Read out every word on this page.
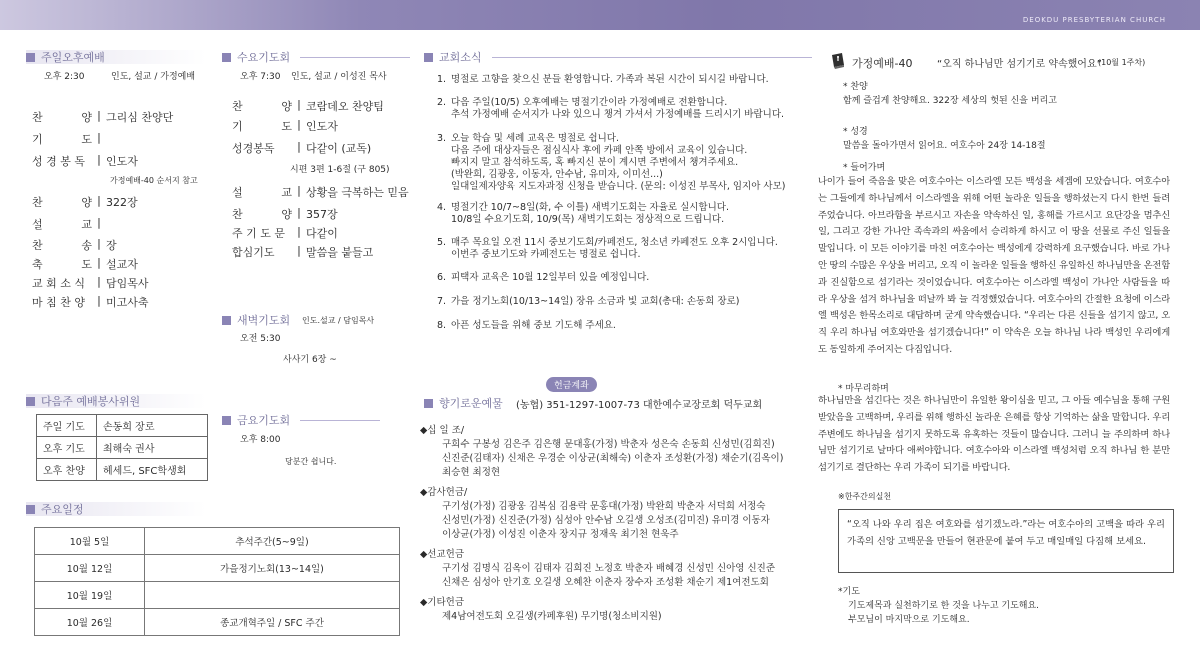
DEOKDU PRESBYTERIAN CHURCH
주일오후예배
오후 2:30	인도, 설교 / 가정예배
찬	양 | 그리심 찬양단
기	도 |
성 경 봉 독	| 인도자
찬	양 | 322장
설	교 |
찬	송 | 장
축	도 | 설교자
교 회 소 식	| 담임목사
마 침 찬 양	| 미고사축
가정예배-40 순서지 참고
다음주 예배봉사위원
주일 기도	손동희 장로
오후 기도	최해숙 권사
오후 찬양	헤세드, SFC학생회
주요일정
10월 5일	추석주간(5~9일)
10월 12일	가을정기노회(13~14일)
10월 19일	
10월 26일	종교개혁주일 / SFC 주간
수요기도회
오후 7:30 인도, 설교 / 이성진 목사
찬	양 | 코람데오 찬양팀
기	도 | 인도자
성경봉독	| 다같이 (교독)
설	교 | 상황을 극복하는 믿음
찬	양 | 357장
주 기 도 문	| 다같이
합심기도	| 말씀을 붙들고
시편 3편 1-6절 (구 805)
새벽기도회 인도.설교 / 담임목사
오전 5:30
사사기 6장 ~
금요기도회
오후 8:00
당분간 쉽니다.
교회소식
1. 명절로 고향을 찾으신 분들 환영합니다. 가족과 복된 시간이 되시길 바랍니다.
2. 다음 주일(10/5) 오후예배는 명절기간이라 가정예배로 전환합니다.
추석 가정예배 순서지가 나와 있으니 챙겨 가셔서 가정예배를 드리시기 바랍니다.
3. 오늘 학습 및 세례 교육은 명절로 쉽니다.
다음 주에 대상자들은 점심식사 후에 카페 안쪽 방에서 교육이 있습니다.
빠지지 말고 참석하도록, 혹 빠지신 분이 계시면 주변에서 챙겨주세요.
(박완희, 김광웅, 이동자, 안수남, 유미자, 이미선...)
일대일제자양육 지도자과정 신청을 받습니다. (문의: 이성진 부목사, 임지아 사모)
4. 명절기간 10/7~8일(화, 수 이틀) 새벽기도회는 자율로 실시합니다.
10/8일 수요기도회, 10/9(목) 새벽기도회는 정상적으로 드립니다.
5. 매주 목요일 오전 11시 중보기도회/카페전도, 청소년 카페전도 오후 2시입니다.
이번주 중보기도와 카페전도는 명절로 쉽니다.
6. 피택자 교육은 10월 12일부터 있을 예정입니다.
7. 가을 정기노회(10/13~14일) 장유 소금과 빛 교회(총대: 손동희 장로)
8. 아픈 성도들을 위해 중보 기도해 주세요.
헌금계좌
향기로운예물 (농협) 351-1297-1007-73 대한예수교장로회 덕두교회
◆십 일 조/
구희수 구봉성 김은주 김은행 문대홍(가정) 박춘자 성은숙 손동희 신성민(김희진)
신진준(김태자) 신채은 우경순 이상균(최해숙) 이춘자 조성환(가정) 채순기(김옥이)
최승현 최정현
◆감사헌금/
구기성(가정) 김광웅 김복심 김용락 문홍대(가정) 박완희 박춘자 서덕희 서정숙
신성민(가정) 신진준(가정) 심성아 안수남 오길생 오성조(김미진) 유미경 이동자
이상균(가정) 이성진 이춘자 장지규 정재욱 최기천 현욱주
◆선교헌금
구기성 김명식 김옥이 김태자 김희진 노정호 박춘자 배혜경 신성민 신아영 신진준
신채은 심성아 안기호 오길생 오혜찬 이춘자 장수자 조성환 채순기 제1여전도회
◆기타헌금
제4남여전도회 오길생(카페후원) 무기명(청소비지원)
가정예배-40 “오직 하나님만 섬기기로 약속했어요”
(10월 1주차)
* 찬양
함께 즐겁게 찬양해요. 322장 세상의 헛된 신을 버리고
* 성경
말씀을 돌아가면서 읽어요. 여호수아 24장 14-18절
* 들어가며
나이가 들어 죽음을 맞은 여호수아는 이스라엘 모든 백성을 세겜에 모았습니다. 여호수아는 그들에게 하나님께서 이스라엘을 위해 어떤 놀라운 일들을 행하셨는지 다시 한번 들려주었습니다. 아브라함을 부르시고 자손을 약속하신 일, 홍해를 가르시고 요단강을 멈추신 일, 그리고 강한 가나안 족속과의 싸움에서 승리하게 하시고 이 땅을 선물로 주신 일들을 말입니다. 이 모든 이야기를 마친 여호수아는 백성에게 강력하게 요구했습니다. 바로 가나안 땅의 수많은 우상을 버리고, 오직 이 놀라운 일들을 행하신 유일하신 하나님만을 온전함과 진실함으로 섬기라는 것이었습니다. 여호수아는 이스라엘 백성이 가나안 사람들을 따라 우상을 섬겨 하나님을 떠날까 봐 늘 걱정했었습니다. 여호수아의 간절한 요청에 이스라엘 백성은 한목소리로 대답하며 굳게 약속했습니다. “우리는 다른 신들을 섬기지 않고, 오직 우리 하나님 여호와만을 섬기겠습니다!” 이 약속은 오늘 하나님 나라 백성인 우리에게도 동일하게 주어지는 다짐입니다.
* 마무리하며
하나님만을 섬긴다는 것은 하나님만이 유일한 왕이심을 믿고, 그 아들 예수님을 통해 구원받았음을 고백하며, 우리를 위해 행하신 놀라운 은혜를 항상 기억하는 삶을 말합니다. 우리 주변에도 하나님을 섬기지 못하도록 유혹하는 것들이 많습니다. 그러니 늘 주의하며 하나님만 섬기기로 날마다 애써야합니다. 여호수아와 이스라엘 백성처럼 오직 하나님 한 분만 섬기기로 결단하는 우리 가족이 되기를 바랍니다.
※한주간의실천
“오직 나와 우리 집은 여호와를 섬기겠노라.”라는 여호수아의 고백을 따라 우리 가족의 신앙 고백문을 만들어 현관문에 붙여 두고 매일매일 다짐해 보세요.
*기도
기도제목과 실천하기로 한 것을 나누고 기도해요.
부모님이 마지막으로 기도해요.
